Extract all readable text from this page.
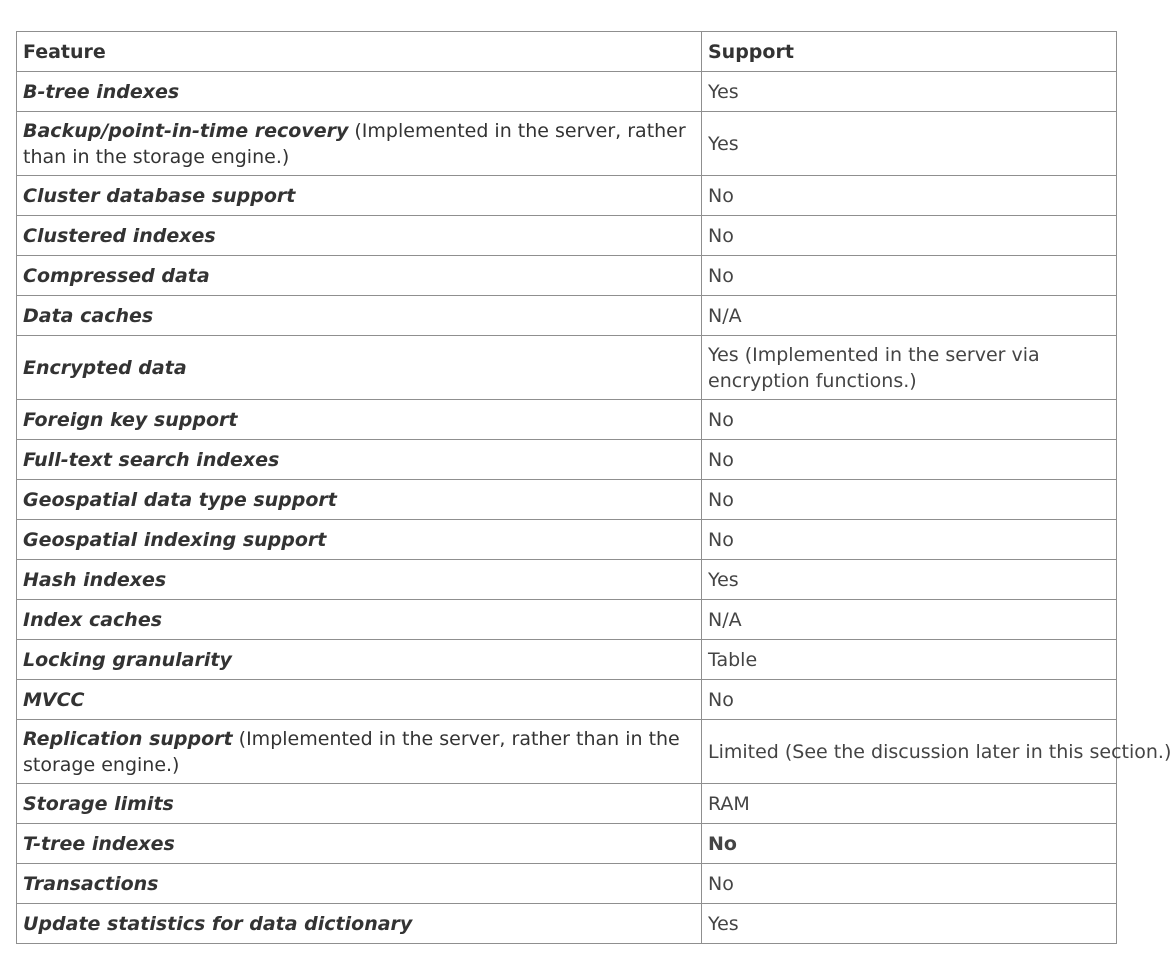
Feature	Support
B-tree indexes	Yes
Backup/point-in-time recovery (Implemented in the server, rather than in the storage engine.)	Yes
Cluster database support	No
Clustered indexes	No
Compressed data	No
Data caches	N/A
Encrypted data	Yes (Implemented in the server via encryption functions.)
Foreign key support	No
Full-text search indexes	No
Geospatial data type support	No
Geospatial indexing support	No
Hash indexes	Yes
Index caches	N/A
Locking granularity	Table
MVCC	No
Replication support (Implemented in the server, rather than in the storage engine.)	Limited (See the discussion later in this section.)
Storage limits	RAM
T-tree indexes	No
Transactions	No
Update statistics for data dictionary	Yes
